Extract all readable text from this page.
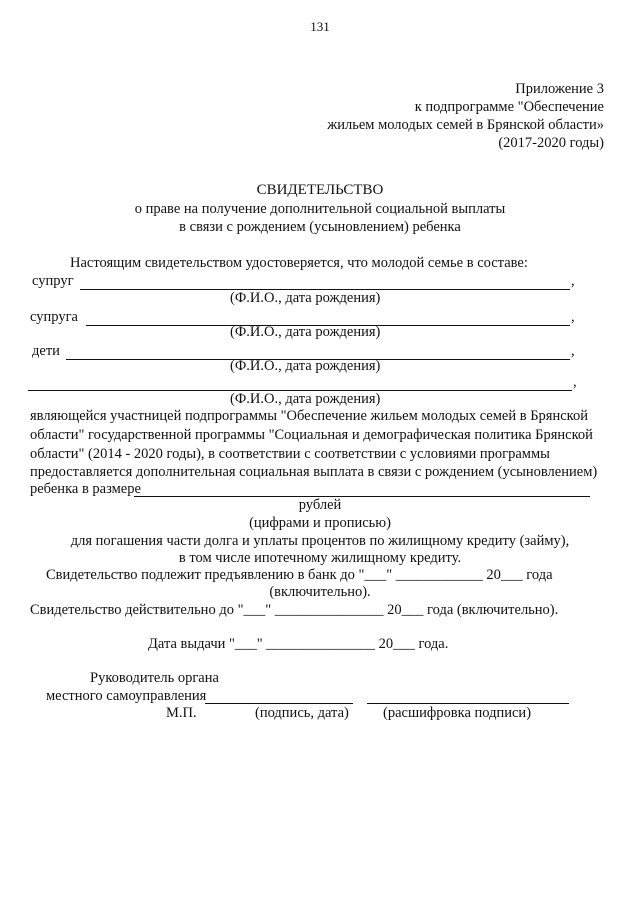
131
Приложение 3
к подпрограмме "Обеспечение
жильем молодых семей в Брянской области»
(2017-2020 годы)
СВИДЕТЕЛЬСТВО
о праве на получение дополнительной социальной выплаты
в связи с рождением (усыновлением) ребенка
Настоящим свидетельством удостоверяется, что молодой семье в составе:
супруг	,
(Ф.И.О., дата рождения)
супруга	,
(Ф.И.О., дата рождения)
дети	,
(Ф.И.О., дата рождения)
,
(Ф.И.О., дата рождения)
являющейся участницей подпрограммы "Обеспечение жильем молодых семей в Брянской
области" государственной программы "Социальная и демографическая политика Брянской
области" (2014 - 2020 годы), в соответствии с соответствии с условиями программы
предоставляется дополнительная социальная выплата в связи с рождением (усыновлением)
ребенка в размере
рублей
(цифрами и прописью)
для погашения части долга и уплаты процентов по жилищному кредиту (займу),
в том числе ипотечному жилищному кредиту.
Свидетельство подлежит предъявлению в банк до "___" ____________ 20___ года
(включительно).
Свидетельство действительно до "___" _______________ 20___ года (включительно).
Дата выдачи "___" _______________ 20___ года.
Руководитель органа
местного самоуправления
М.П.	(подпись, дата) (расшифровка подписи)
